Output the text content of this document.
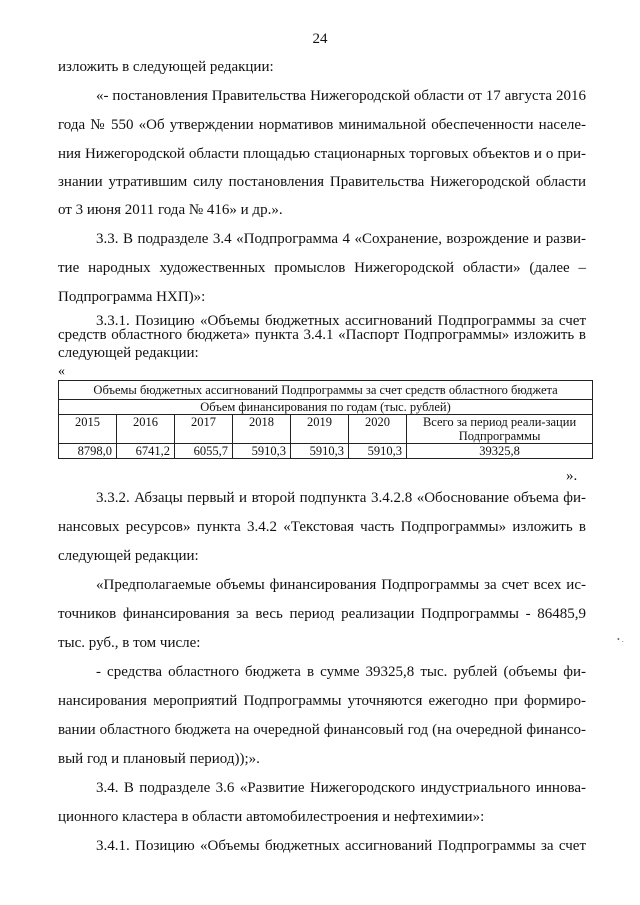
24
изложить в следующей редакции:
«- постановления Правительства Нижегородской области от 17 августа 2016
года № 550 «Об утверждении нормативов минимальной обеспеченности населе-
ния Нижегородской области площадью стационарных торговых объектов и о при-
знании утратившим силу постановления Правительства Нижегородской области
от 3 июня 2011 года № 416» и др.».
3.3. В подразделе 3.4 «Подпрограмма 4 «Сохранение, возрождение и разви-
тие народных художественных промыслов Нижегородской области» (далее –
Подпрограмма НХП)»:
3.3.1. Позицию «Объемы бюджетных ассигнований Подпрограммы за счет
средств областного бюджета» пункта 3.4.1 «Паспорт Подпрограммы» изложить в
«
Объемы бюджетных ассигнований Подпрограммы за счет средств областного бюджета						
Объем финансирования по годам (тыс. рублей)						
2015	2016	2017	2018	2019	2020	Всего за период реали-зации Подпрограммы
8798,0	6741,2	6055,7	5910,3	5910,3	5910,3	39325,8
».
3.3.2. Абзацы первый и второй подпункта 3.4.2.8 «Обоснование объема фи-
нансовых ресурсов» пункта 3.4.2 «Текстовая часть Подпрограммы» изложить в
следующей редакции:
«Предполагаемые объемы финансирования Подпрограммы за счет всех ис-
точников финансирования за весь период реализации Подпрограммы - 86485,9
тыс. руб., в том числе:
- средства областного бюджета в сумме 39325,8 тыс. рублей (объемы фи-
нансирования мероприятий Подпрограммы уточняются ежегодно при формиро-
вании областного бюджета на очередной финансовый год (на очередной финансо-
вый год и плановый период));».
3.4. В подразделе 3.6 «Развитие Нижегородского индустриального иннова-
ционного кластера в области автомобилестроения и нефтехимии»:
3.4.1. Позицию «Объемы бюджетных ассигнований Подпрограммы за счет
• .
следующей редакции:
